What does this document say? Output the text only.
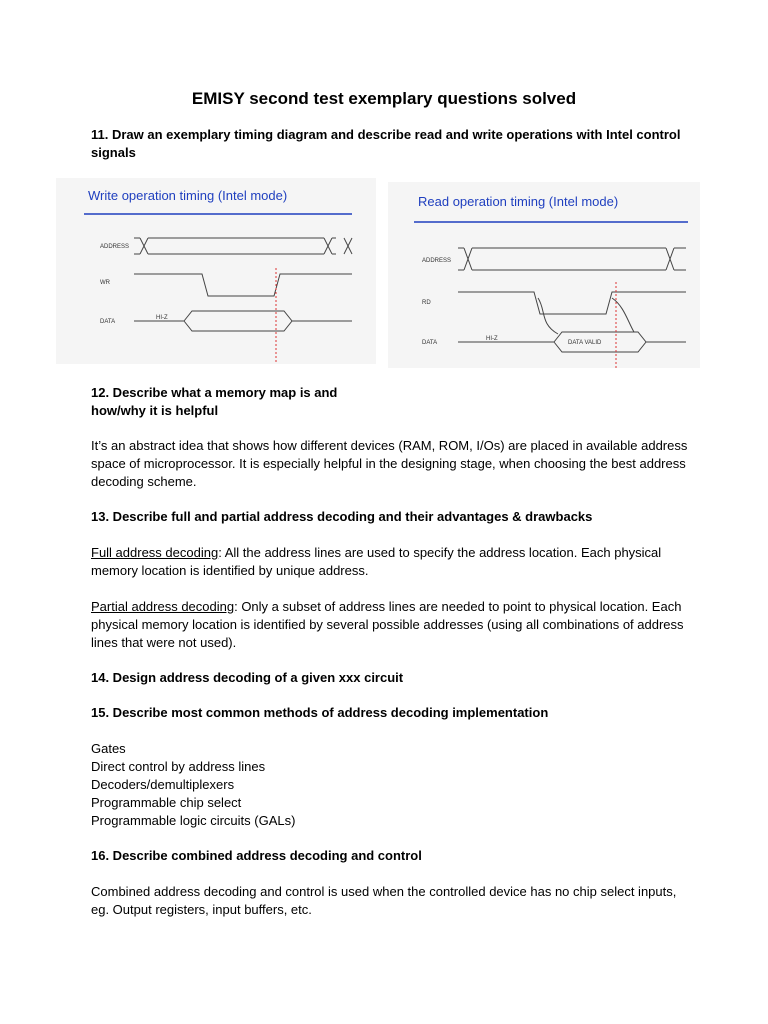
EMISY second test exemplary questions solved
11. Draw an exemplary timing diagram and describe read and write operations with Intel control signals
Write operation timing (Intel mode)
ADDRESS
WR
DATA
HI-Z
Read operation timing (Intel mode)
ADDRESS
RD
DATA
HI-Z
DATA VALID
12. Describe what a memory map is and
how/why it is helpful
It’s an abstract idea that shows how different devices (RAM, ROM, I/Os) are placed in available address space of microprocessor. It is especially helpful in the designing stage, when choosing the best address decoding scheme.
13. Describe full and partial address decoding and their advantages & drawbacks
Full address decoding: All the address lines are used to specify the address location. Each physical memory location is identified by unique address.
Partial address decoding: Only a subset of address lines are needed to point to physical location. Each physical memory location is identified by several possible addresses (using all combinations of address lines that were not used).
14. Design address decoding of a given xxx circuit
15. Describe most common methods of address decoding implementation
Gates
Direct control by address lines
Decoders/demultiplexers
Programmable chip select
Programmable logic circuits (GALs)
16. Describe combined address decoding and control
Combined address decoding and control is used when the controlled device has no chip select inputs, eg. Output registers, input buffers, etc.
